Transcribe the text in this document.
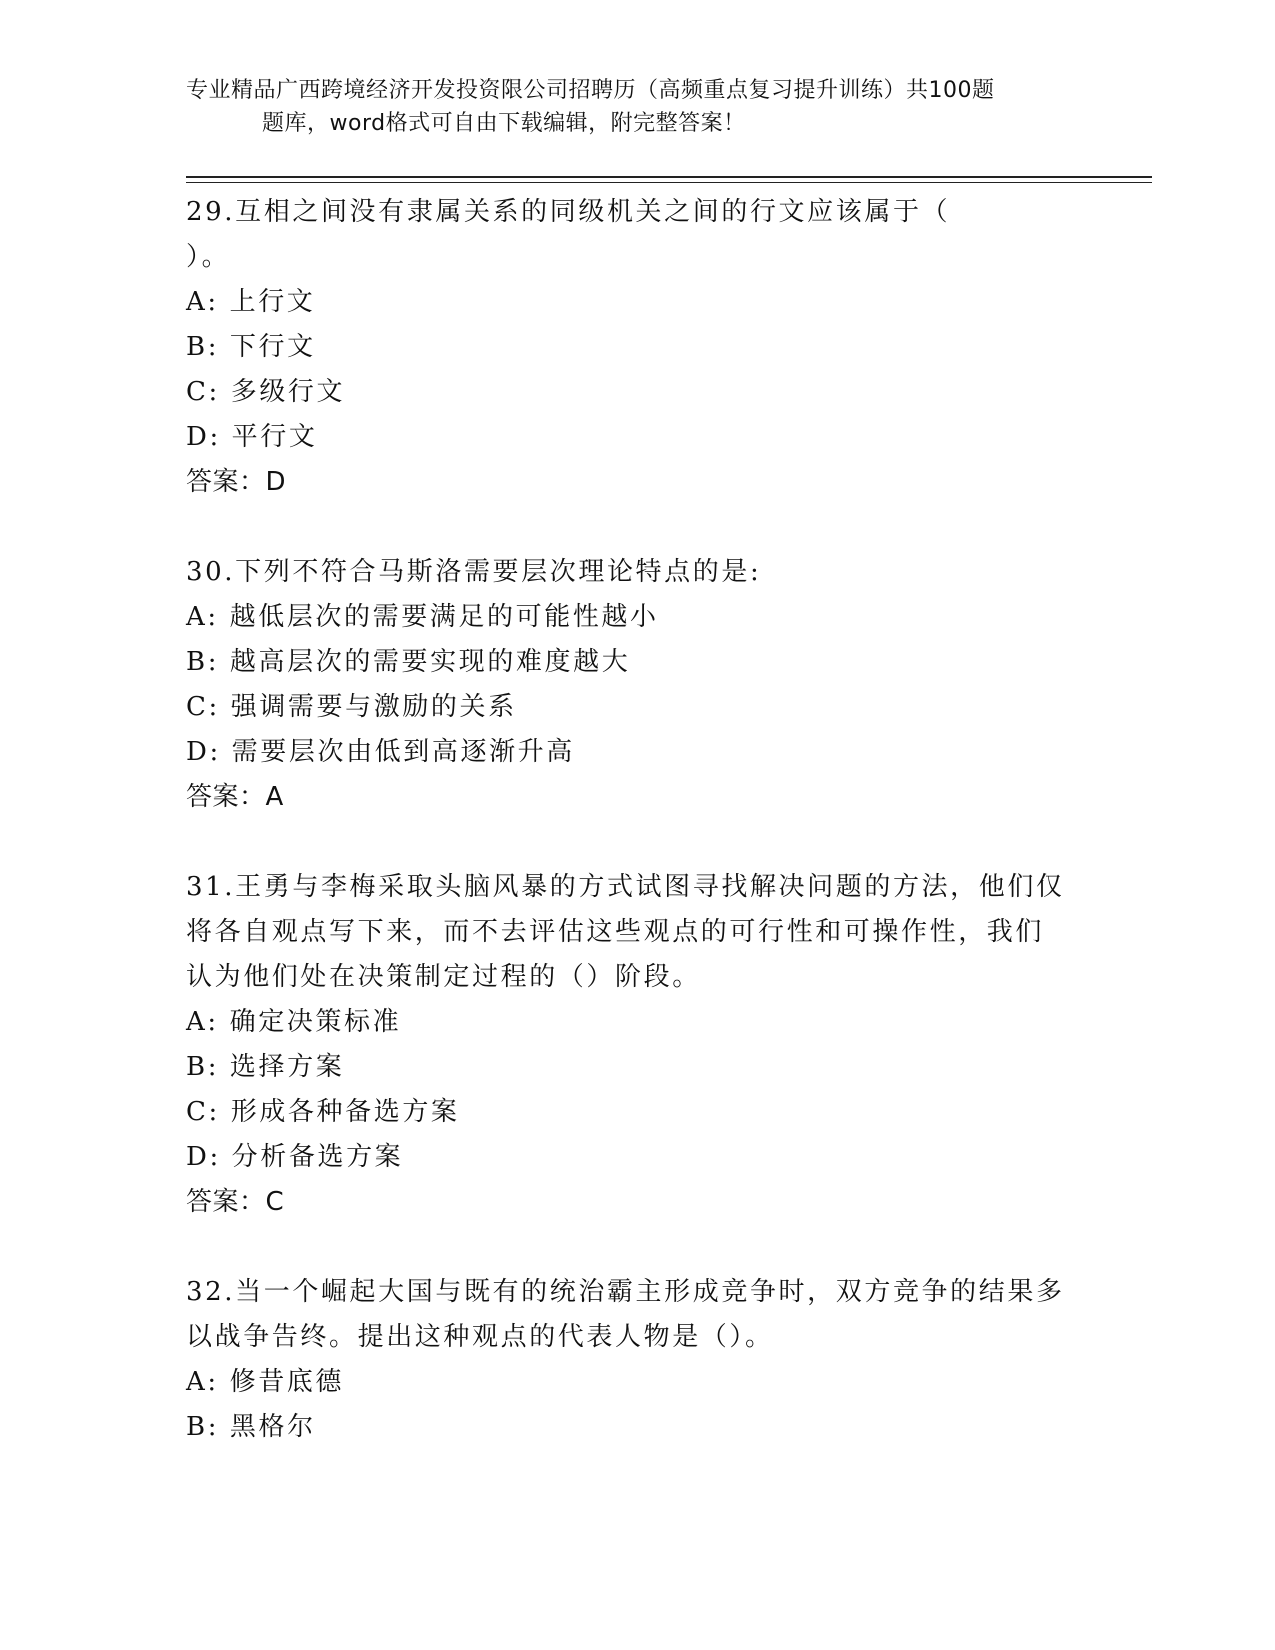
专业精品广西跨境经济开发投资限公司招聘历（高频重点复习提升训练）共100题
题库，word格式可自由下载编辑，附完整答案！

29.互相之间没有隶属关系的同级机关之间的行文应该属于（

）。

A: 上行文

B: 下行文

C: 多级行文

D: 平行文

答案：D

30.下列不符合马斯洛需要层次理论特点的是:

A: 越低层次的需要满足的可能性越小

B: 越高层次的需要实现的难度越大

C: 强调需要与激励的关系

D: 需要层次由低到高逐渐升高

答案：A

31.王勇与李梅采取头脑风暴的方式试图寻找解决问题的方法，他们仅

将各自观点写下来，而不去评估这些观点的可行性和可操作性，我们

认为他们处在决策制定过程的（）阶段。

A: 确定决策标准

B: 选择方案

C: 形成各种备选方案

D: 分析备选方案

答案：C

32.当一个崛起大国与既有的统治霸主形成竞争时，双方竞争的结果多

以战争告终。提出这种观点的代表人物是（）。

A: 修昔底德

B: 黑格尔
